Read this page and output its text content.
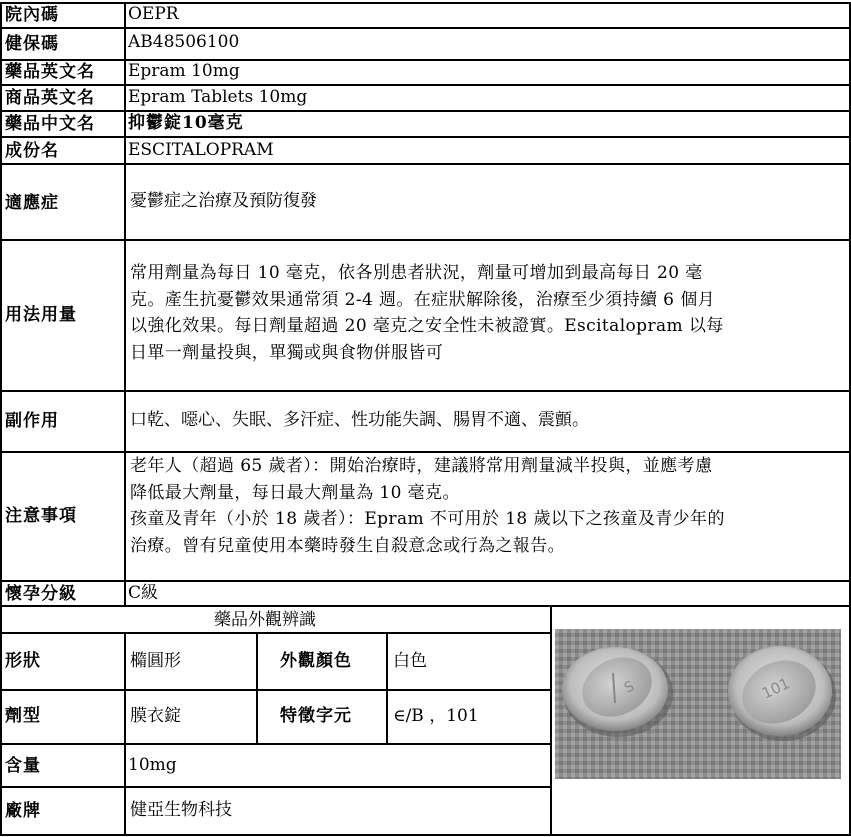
院內碼	OEPR
健保碼	AB48506100
藥品英文名 Epram 10mg
商品英文名 Epram Tablets 10mg
藥品中文名 抑鬱錠10毫克
成份名	ESCITALOPRAM
適應症	憂鬱症之治療及預防復發
用法用量
常用劑量為每日 10 毫克，依各別患者狀況，劑量可增加到最高每日 20 毫
克。產生抗憂鬱效果通常須 2-4 週。在症狀解除後，治療至少須持續 6 個月
以強化效果。每日劑量超過 20 毫克之安全性未被證實。Escitalopram 以每
日單一劑量投與，單獨或與食物併服皆可
副作用	口乾、噁心、失眠、多汗症、性功能失調、腸胃不適、震顫。
注意事項
老年人（超過 65 歲者）：開始治療時，建議將常用劑量減半投與，並應考慮
降低最大劑量，每日最大劑量為 10 毫克。
孩童及青年（小於 18 歲者）：Epram 不可用於 18 歲以下之孩童及青少年的
治療。曾有兒童使用本藥時發生自殺意念或行為之報告。
懷孕分級	C級
藥品外觀辨識
形狀	橢圓形	外觀顏色 白色
劑型	膜衣錠	特徵字元 ∈/B ，101
含量	10mg
廠牌	健亞生物科技
S	101
